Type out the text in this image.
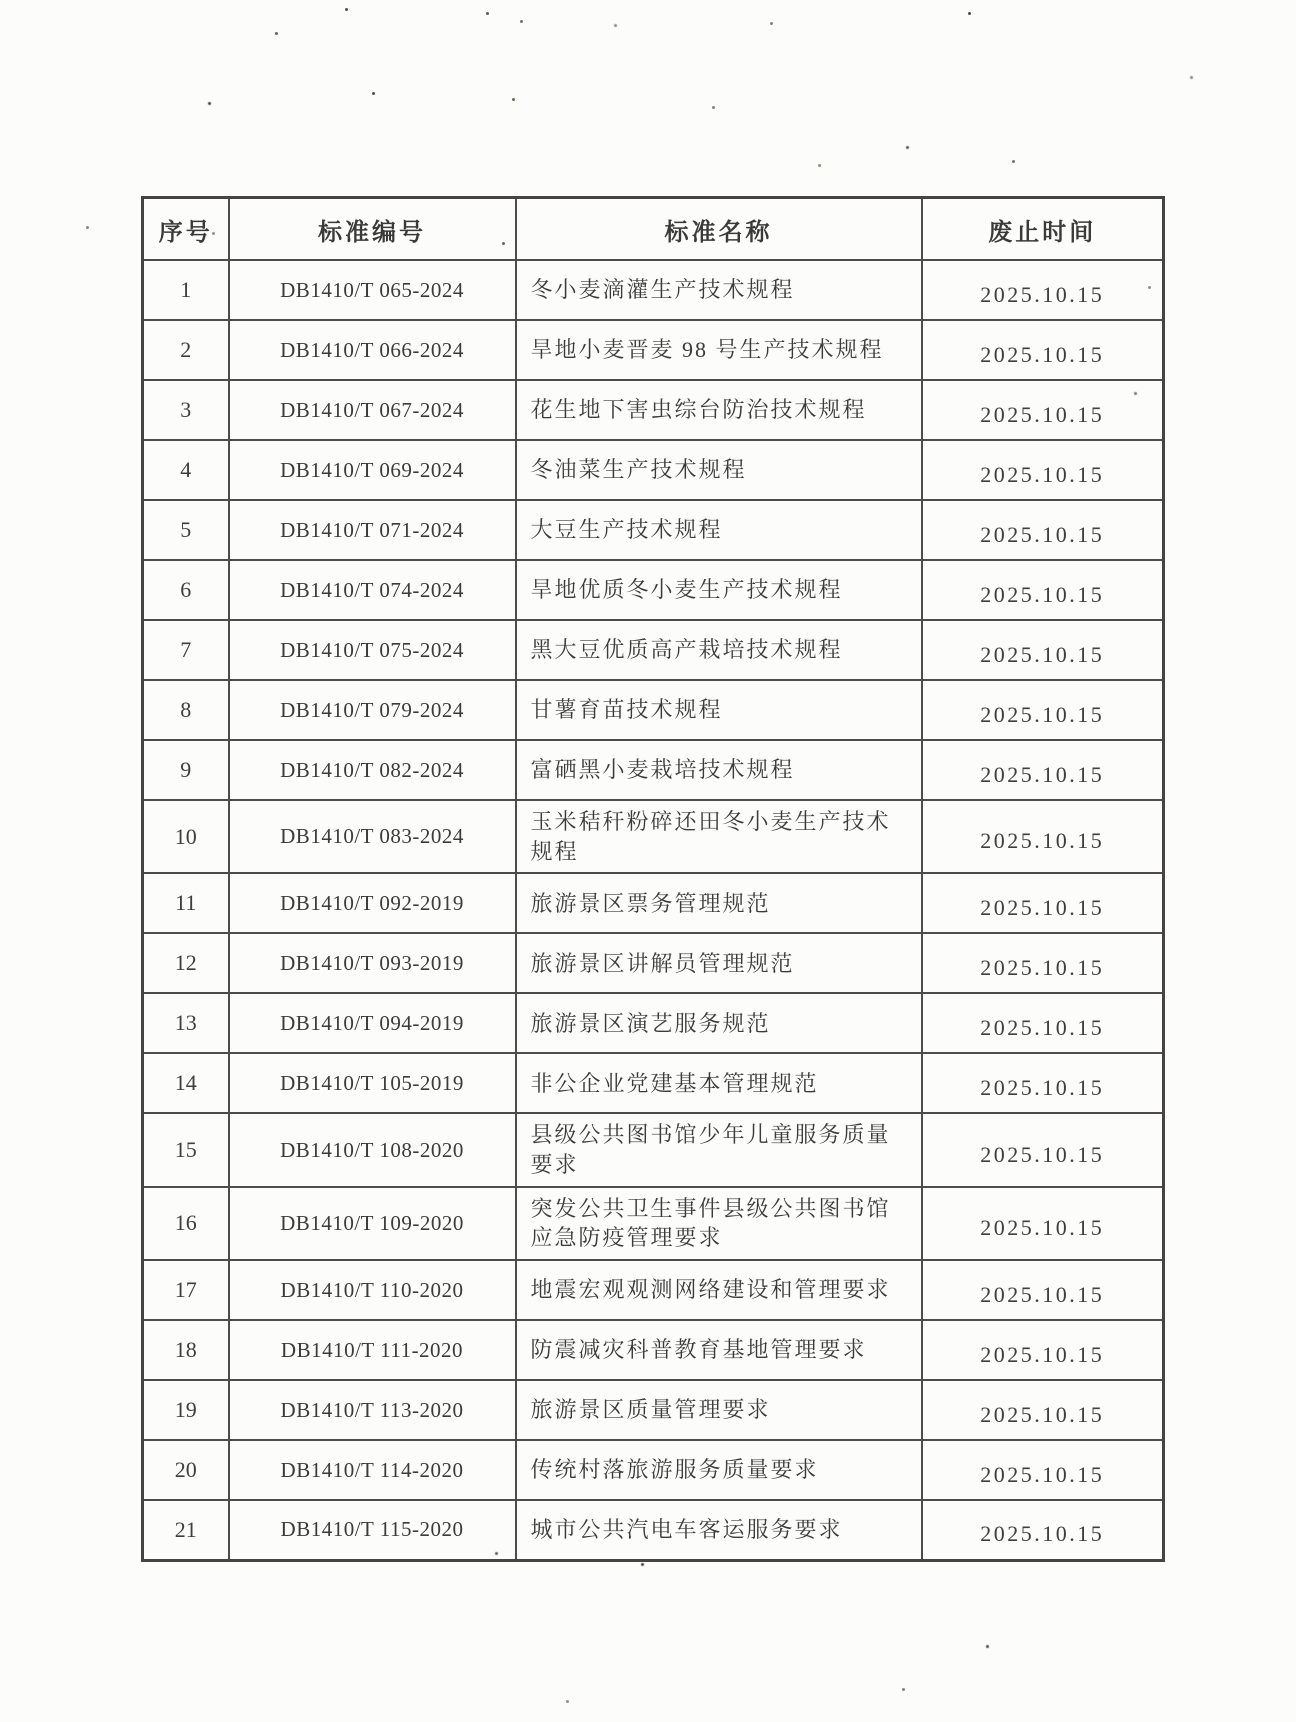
序号	标准编号	标准名称	废止时间
1	DB1410/T 065-2024	冬小麦滴灌生产技术规程	2025.10.15
2	DB1410/T 066-2024	旱地小麦晋麦 98 号生产技术规程	2025.10.15
3	DB1410/T 067-2024	花生地下害虫综台防治技术规程	2025.10.15
4	DB1410/T 069-2024	冬油菜生产技术规程	2025.10.15
5	DB1410/T 071-2024	大豆生产技术规程	2025.10.15
6	DB1410/T 074-2024	旱地优质冬小麦生产技术规程	2025.10.15
7	DB1410/T 075-2024	黑大豆优质高产栽培技术规程	2025.10.15
8	DB1410/T 079-2024	甘薯育苗技术规程	2025.10.15
9	DB1410/T 082-2024	富硒黑小麦栽培技术规程	2025.10.15
10	DB1410/T 083-2024	玉米秸秆粉碎还田冬小麦生产技术规程	2025.10.15
11	DB1410/T 092-2019	旅游景区票务管理规范	2025.10.15
12	DB1410/T 093-2019	旅游景区讲解员管理规范	2025.10.15
13	DB1410/T 094-2019	旅游景区演艺服务规范	2025.10.15
14	DB1410/T 105-2019	非公企业党建基本管理规范	2025.10.15
15	DB1410/T 108-2020	县级公共图书馆少年儿童服务质量要求	2025.10.15
16	DB1410/T 109-2020	突发公共卫生事件县级公共图书馆 应急防疫管理要求	2025.10.15
17	DB1410/T 110-2020	地震宏观观测网络建设和管理要求	2025.10.15
18	DB1410/T 111-2020	防震减灾科普教育基地管理要求	2025.10.15
19	DB1410/T 113-2020	旅游景区质量管理要求	2025.10.15
20	DB1410/T 114-2020	传统村落旅游服务质量要求	2025.10.15
21	DB1410/T 115-2020	城市公共汽电车客运服务要求	2025.10.15
